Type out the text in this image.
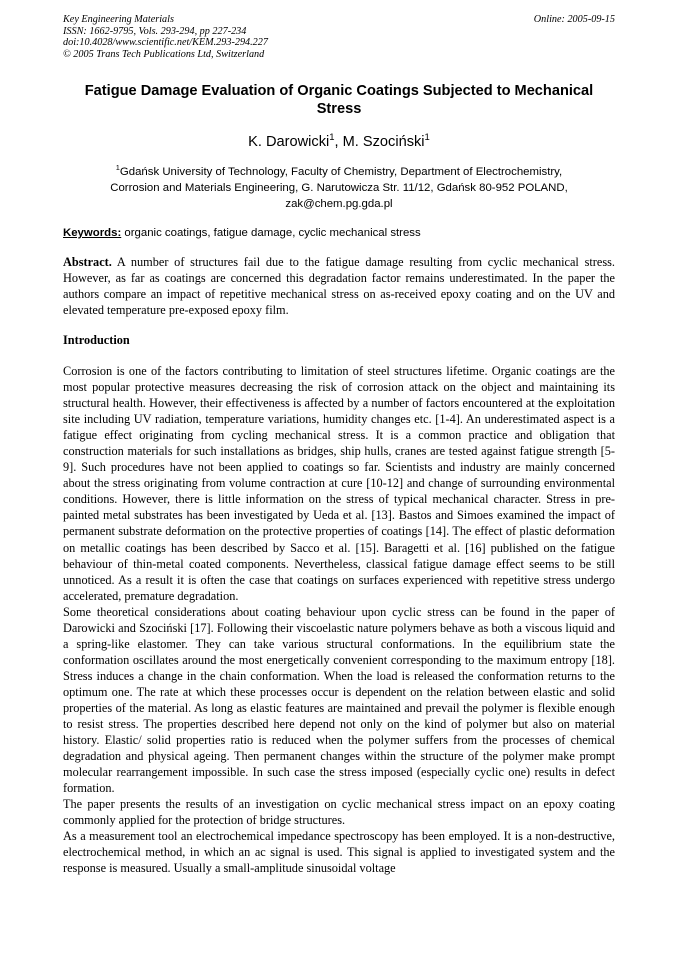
Key Engineering Materials
ISSN: 1662-9795, Vols. 293-294, pp 227-234
doi:10.4028/www.scientific.net/KEM.293-294.227
© 2005 Trans Tech Publications Ltd, Switzerland
Online: 2005-09-15
Fatigue Damage Evaluation of Organic Coatings Subjected to Mechanical Stress
K. Darowicki$^1$, M. Szociński$^1$
$^1$Gdańsk University of Technology, Faculty of Chemistry, Department of Electrochemistry,
Corrosion and Materials Engineering, G. Narutowicza Str. 11/12, Gdańsk 80-952 POLAND,
zak@chem.pg.gda.pl
Keywords: organic coatings, fatigue damage, cyclic mechanical stress
Abstract. A number of structures fail due to the fatigue damage resulting from cyclic mechanical stress. However, as far as coatings are concerned this degradation factor remains underestimated. In the paper the authors compare an impact of repetitive mechanical stress on as-received epoxy coating and on the UV and elevated temperature pre-exposed epoxy film.
Introduction

Corrosion is one of the factors contributing to limitation of steel structures lifetime. Organic coatings are the most popular protective measures decreasing the risk of corrosion attack on the object and maintaining its structural health. However, their effectiveness is affected by a number of factors encountered at the exploitation site including UV radiation, temperature variations, humidity changes etc. [1-4]. An underestimated aspect is a fatigue effect originating from cycling mechanical stress. It is a common practice and obligation that construction materials for such installations as bridges, ship hulls, cranes are tested against fatigue strength [5-9]. Such procedures have not been applied to coatings so far. Scientists and industry are mainly concerned about the stress originating from volume contraction at cure [10-12] and change of surrounding environmental conditions. However, there is little information on the stress of typical mechanical character. Stress in pre-painted metal substrates has been investigated by Ueda et al. [13]. Bastos and Simoes examined the impact of permanent substrate deformation on the protective properties of coatings [14]. The effect of plastic deformation on metallic coatings has been described by Sacco et al. [15]. Baragetti et al. [16] published on the fatigue behaviour of thin-metal coated components. Nevertheless, classical fatigue damage effect seems to be still unnoticed. As a result it is often the case that coatings on surfaces experienced with repetitive stress undergo accelerated, premature degradation.

Some theoretical considerations about coating behaviour upon cyclic stress can be found in the paper of Darowicki and Szociński [17]. Following their viscoelastic nature polymers behave as both a viscous liquid and a spring-like elastomer. They can take various structural conformations. In the equilibrium state the conformation oscillates around the most energetically convenient corresponding to the maximum entropy [18]. Stress induces a change in the chain conformation. When the load is released the conformation returns to the optimum one. The rate at which these processes occur is dependent on the relation between elastic and solid properties of the material. As long as elastic features are maintained and prevail the polymer is flexible enough to resist stress. The properties described here depend not only on the kind of polymer but also on material history. Elastic/ solid properties ratio is reduced when the polymer suffers from the processes of chemical degradation and physical ageing. Then permanent changes within the structure of the polymer make prompt molecular rearrangement impossible. In such case the stress imposed (especially cyclic one) results in defect formation.

The paper presents the results of an investigation on cyclic mechanical stress impact on an epoxy coating commonly applied for the protection of bridge structures.

As a measurement tool an electrochemical impedance spectroscopy has been employed. It is a non-destructive, electrochemical method, in which an ac signal is used. This signal is applied to investigated system and the response is measured. Usually a small-amplitude sinusoidal voltage
